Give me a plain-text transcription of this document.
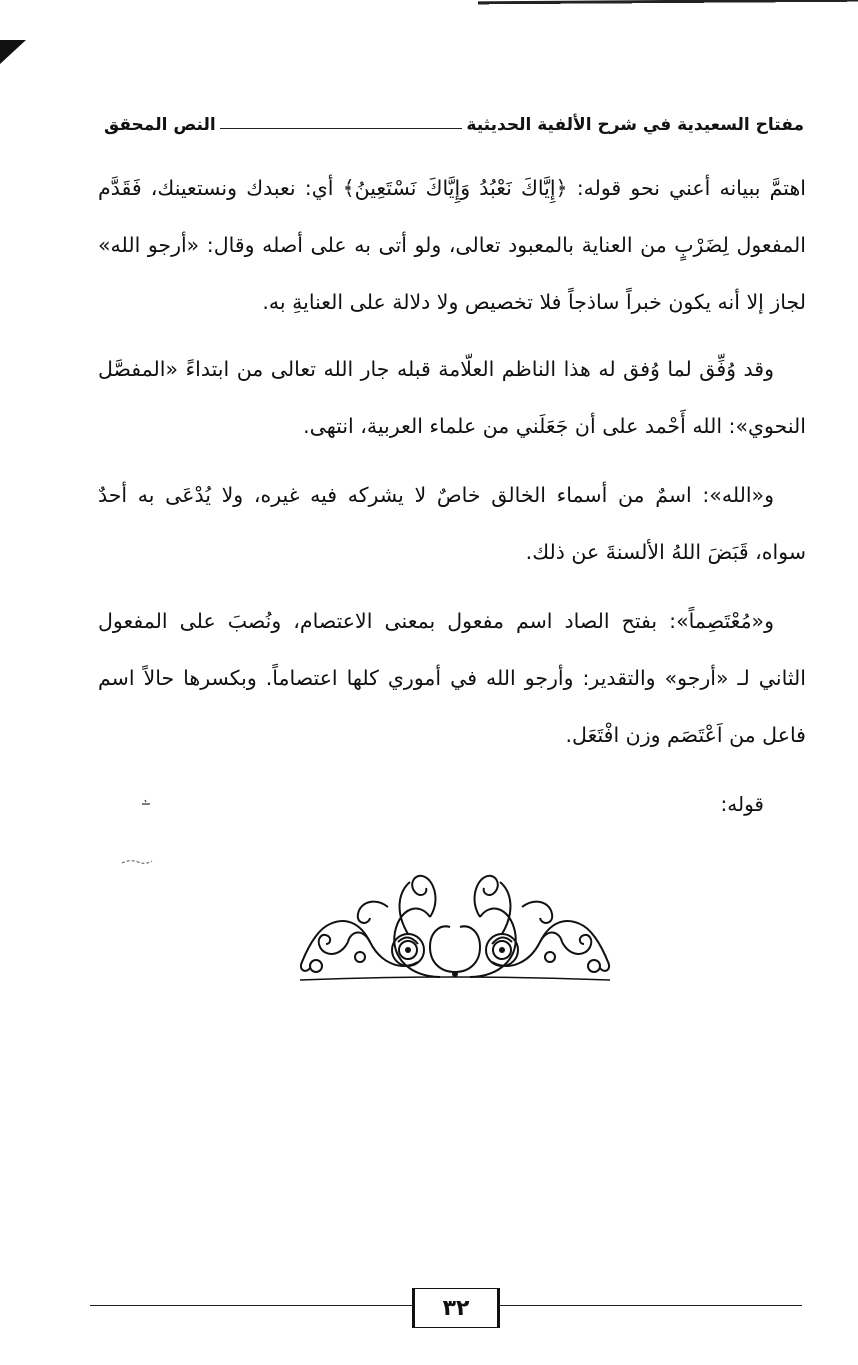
مفتاح السعيدية في شرح الألفية الحديثية
النص المحقق

اهتمَّ ببيانه أعني نحو قوله: ﴿إِيَّاكَ نَعْبُدُ وَإِيَّاكَ نَسْتَعِينُ﴾ أي: نعبدك ونستعينك، فَقَدَّم المفعول لِضَرْبٍ من العناية بالمعبود تعالى، ولو أتى به على أصله وقال: «أرجو الله» لجاز إلا أنه يكون خبراً ساذجاً فلا تخصيص ولا دلالة على العنايةِ به.

وقد وُفِّق لما وُفق له هذا الناظم العلّامة قبله جار الله تعالى من ابتداءً «المفصَّل النحوي»: الله أَحْمد على أن جَعَلَني من علماء العربية، انتهى.

و«الله»: اسمٌ من أسماء الخالق خاصٌ لا يشركه فيه غيره، ولا يُدْعَى به أحدٌ سواه، قَبَضَ اللهُ الألسنةَ عن ذلك.

و«مُعْتَصِماً»: بفتح الصاد اسم مفعول بمعنى الاعتصام، ونُصبَ على المفعول الثاني لـ «أرجو» والتقدير: وأرجو الله في أموري كلها اعتصاماً. وبكسرها حالاً اسم فاعل من اَعْتَصَم وزن افْتَعَل.

قوله:
٣٢
